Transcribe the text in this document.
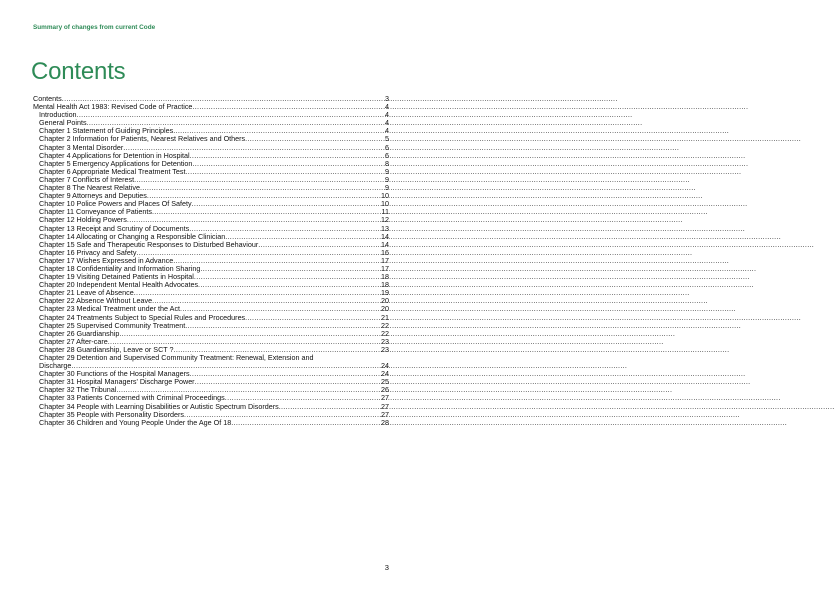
Summary of changes from current Code
Contents
Contents .....	3
Mental Health Act 1983: Revised Code of Practice .....	4
Introduction .....	4
General Points .....	4
Chapter 1 Statement of Guiding Principles .....	4
Chapter 2 Information for Patients, Nearest Relatives and Others .....	5
Chapter 3 Mental Disorder .....	6
Chapter 4 Applications for Detention in Hospital .....	6
Chapter 5 Emergency Applications for Detention .....	8
Chapter 6 Appropriate Medical Treatment Test .....	9
Chapter 7 Conflicts of Interest .....	9
Chapter 8 The Nearest Relative .....	9
Chapter 9 Attorneys and Deputies .....	10
Chapter 10 Police Powers and Places Of Safety .....	10
Chapter 11 Conveyance of Patients .....	11
Chapter 12 Holding Powers .....	12
Chapter 13 Receipt and Scrutiny of Documents .....	13
Chapter 14 Allocating or Changing a Responsible Clinician .....	14
Chapter 15 Safe and Therapeutic Responses to Disturbed Behaviour .....	14
Chapter 16 Privacy and Safety .....	16
Chapter 17 Wishes Expressed in Advance .....	17
Chapter 18 Confidentiality and Information Sharing .....	17
Chapter 19 Visiting Detained Patients in Hospital .....	18
Chapter 20 Independent Mental Health Advocates .....	18
Chapter 21 Leave of Absence .....	19
Chapter 22 Absence Without Leave .....	20
Chapter 23 Medical Treatment under the Act .....	20
Chapter 24 Treatments Subject to Special Rules and Procedures .....	21
Chapter 25 Supervised Community Treatment .....	22
Chapter 26 Guardianship .....	22
Chapter 27 After-care .....	23
Chapter 28 Guardianship, Leave or SCT ? .....	23
Chapter 29 Detention and Supervised Community Treatment: Renewal, Extension and
Discharge .....	24
Chapter 30 Functions of the Hospital Managers .....	24
Chapter 31 Hospital Managers' Discharge Power .....	25
Chapter 32 The Tribunal .....	26
Chapter 33 Patients Concerned with Criminal Proceedings .....	27
Chapter 34 People with Learning Disabilities or Autistic Spectrum Disorders .....	27
Chapter 35 People with Personality Disorders .....	27
Chapter 36 Children and Young People Under the Age Of 18 .....	28
3
